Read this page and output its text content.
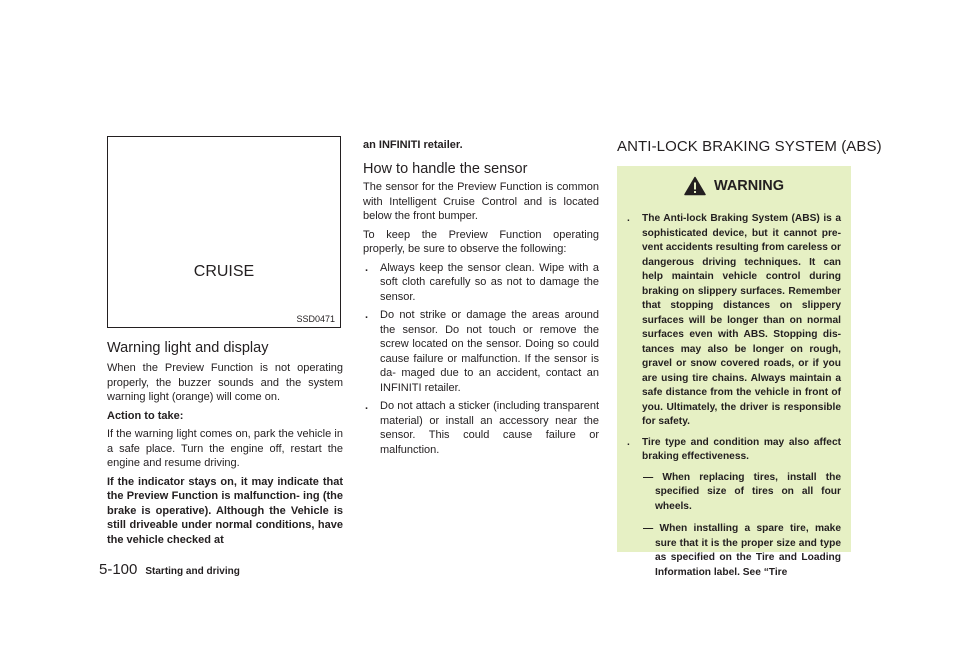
CRUISE
SSD0471
Warning light and display

When the Preview Function is not operating properly, the buzzer sounds and the system warning light (orange) will come on.

Action to take:

If the warning light comes on, park the vehicle in a safe place. Turn the engine off, restart the engine and resume driving.

If the indicator stays on, it may indicate that the Preview Function is malfunction- ing (the brake is operative). Although the Vehicle is still driveable under normal conditions, have the vehicle checked at

an INFINITI retailer.

How to handle the sensor

The sensor for the Preview Function is common with Intelligent Cruise Control and is located below the front bumper.

To keep the Preview Function operating properly, be sure to observe the following:

. Always keep the sensor clean. Wipe with a soft cloth carefully so as not to damage the sensor.
. Do not strike or damage the areas around the sensor. Do not touch or remove the screw located on the sensor. Doing so could cause failure or malfunction. If the sensor is da- maged due to an accident, contact an INFINITI retailer.
. Do not attach a sticker (including transparent material) or install an accessory near the sensor. This could cause failure or malfunction.
ANTI-LOCK BRAKING SYSTEM (ABS)
WARNING
. The Anti-lock Braking System (ABS) is a sophisticated device, but it cannot pre- vent accidents resulting from careless or dangerous driving techniques. It can help maintain vehicle control during braking on slippery surfaces. Remember that stopping distances on slippery surfaces will be longer than on normal surfaces even with ABS. Stopping dis- tances may also be longer on rough, gravel or snow covered roads, or if you are using tire chains. Always maintain a safe distance from the vehicle in front of you. Ultimately, the driver is responsible for safety.
. Tire type and condition may also affect braking effectiveness.
— When replacing tires, install the specified size of tires on all four wheels.
— When installing a spare tire, make sure that it is the proper size and type as specified on the Tire and Loading Information label. See “Tire
5-100 Starting and driving
